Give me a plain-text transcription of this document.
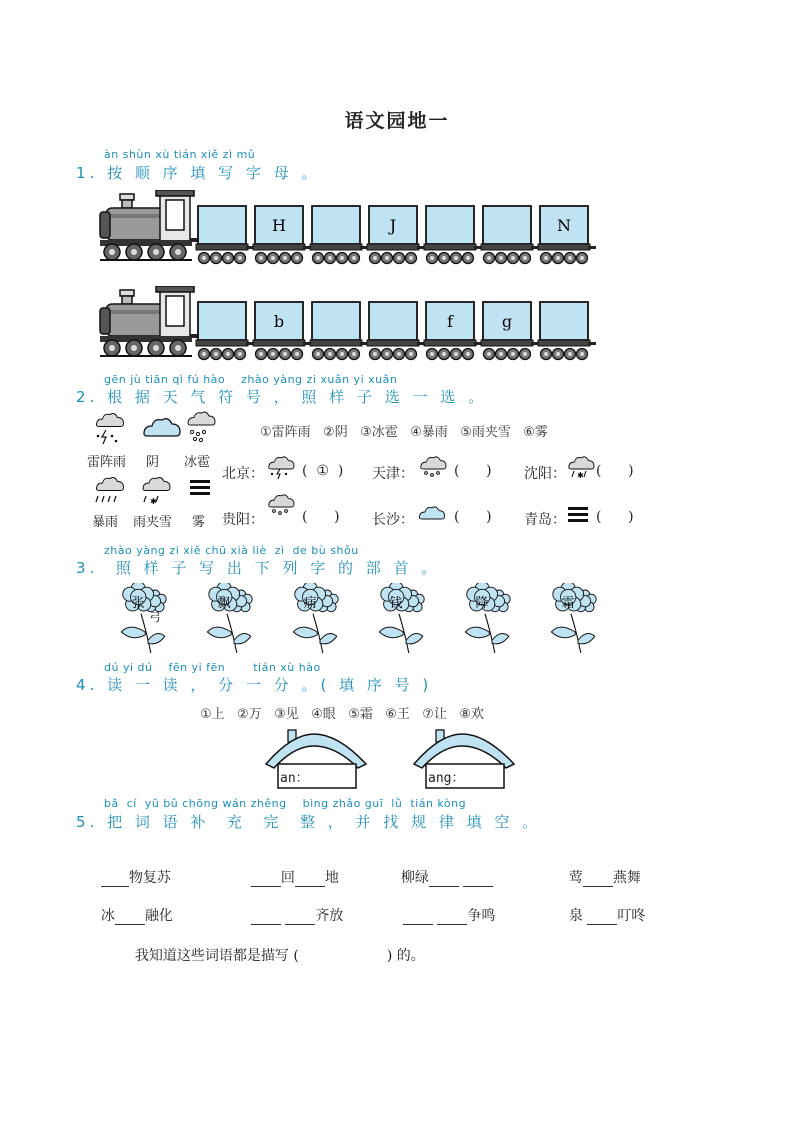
语文园地一
àn shùn xù tián xiě zì mǔ
1. 按 顺 序 填 写 字 母 。
H	J	N
b	f	g
gēn jù tiān qì fú hào    zhào yàng zi xuǎn yi xuǎn
2. 根 据 天 气 符 号 ， 照 样 子 选 一 选 。
雷阵雨 阴 冰雹
✱
暴雨 雨夹雪 雾
①雷阵雨   ②阴   ③冰雹   ④暴雨   ⑤雨夹雪   ⑥雾
北京：	(  ①  ) 天津：	(      ) 沈阳： ✱ (      )
贵阳：	(      ) 长沙：	(      ) 青岛： (      )
zhào yàng zi xiě chū xià liè  zì  de bù shǒu
3.  照 样 子 写 出 下 列 字 的 部 首 。
张	飘	病	钱	降	霜
弓
dú yi dú    fēn yi fēn       tián xù hào
4. 读 一 读 ， 分 一 分 。( 填 序 号 )
①上   ②万   ③见   ④眼   ⑤霜   ⑥王   ⑦让   ⑧欢
an：	ang：
bǎ  cí  yǔ bǔ chōng wán zhěng    bìng zhǎo guī  lǜ  tián kòng
5. 把 词 语 补  充  完  整 ， 并 找 规 律 填 空 。

物复苏	回 地	柳绿	莺 燕舞

冰 融化	齐放	争鸣	泉 叮咚

我知道这些词语都是描写 (	) 的。
